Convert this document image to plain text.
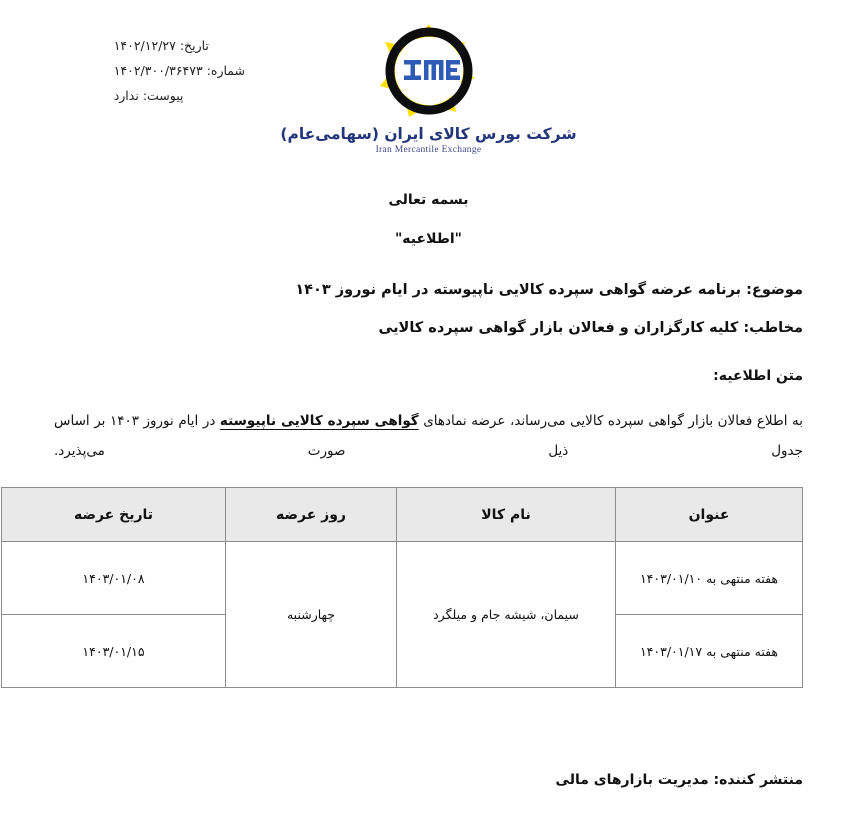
تاریخ: ۱۴۰۲/۱۲/۲۷
شماره: ۱۴۰۲/۳۰۰/۳۶۴۷۳
پیوست: ندارد
شرکت بورس کالای ایران (سهامی‌عام)
Iran Mercantile Exchange
بسمه تعالی
"اطلاعیه"
موضوع: برنامه عرضه گواهی سپرده کالایی ناپیوسته در ایام نوروز ۱۴۰۳
مخاطب: کلیه کارگزاران و فعالان بازار گواهی سپرده کالایی
متن اطلاعیه:
به اطلاع فعالان بازار گواهی سپرده کالایی می‌رساند، عرضه نمادهای گواهی سپرده کالایی ناپیوسته در ایام نوروز ۱۴۰۳ بر اساس جدول ذیل صورت می‌پذیرد.
عنوان	نام کالا	روز عرضه	تاریخ عرضه
هفته منتهی به ۱۴۰۳/۰۱/۱۰	سیمان، شیشه جام و میلگرد	چهارشنبه	۱۴۰۳/۰۱/۰۸
هفته منتهی به ۱۴۰۳/۰۱/۱۷			۱۴۰۳/۰۱/۱۵
منتشر کننده: مدیریت بازارهای مالی
